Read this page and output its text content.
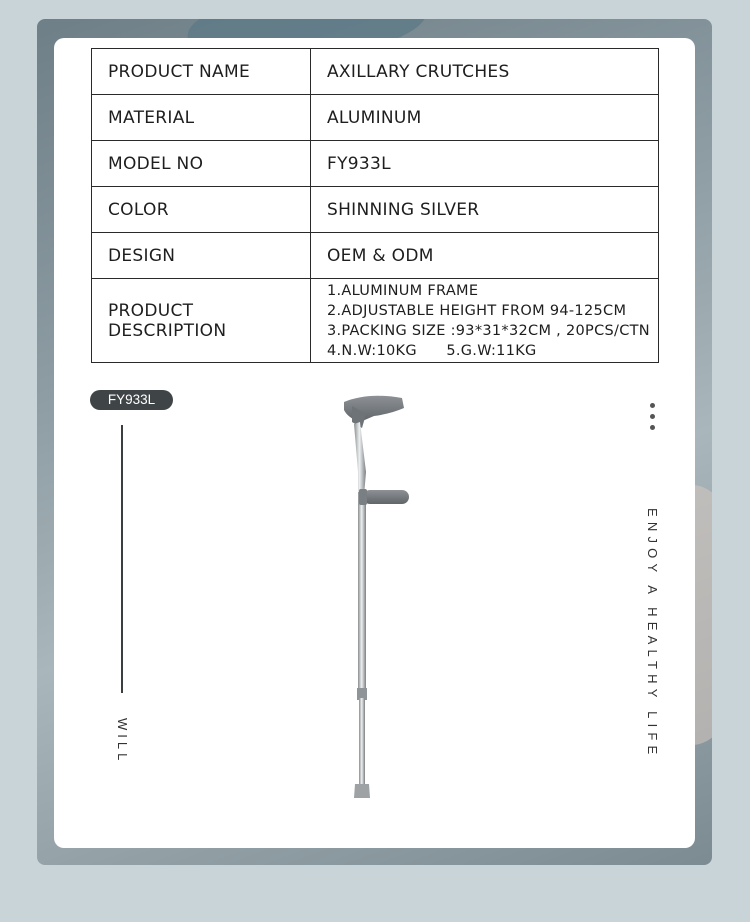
PRODUCT NAME	AXILLARY CRUTCHES
MATERIAL	ALUMINUM
MODEL NO	FY933L
COLOR	SHINNING SILVER
DESIGN	OEM & ODM
PRODUCT DESCRIPTION	1.ALUMINUM FRAME
2.ADJUSTABLE HEIGHT FROM 94-125CM
3.PACKING SIZE :93*31*32CM , 20PCS/CTN
4.N.W:10KG      5.G.W:11KG
FY933L
WILL	ENJOY A HEALTHY LIFE
